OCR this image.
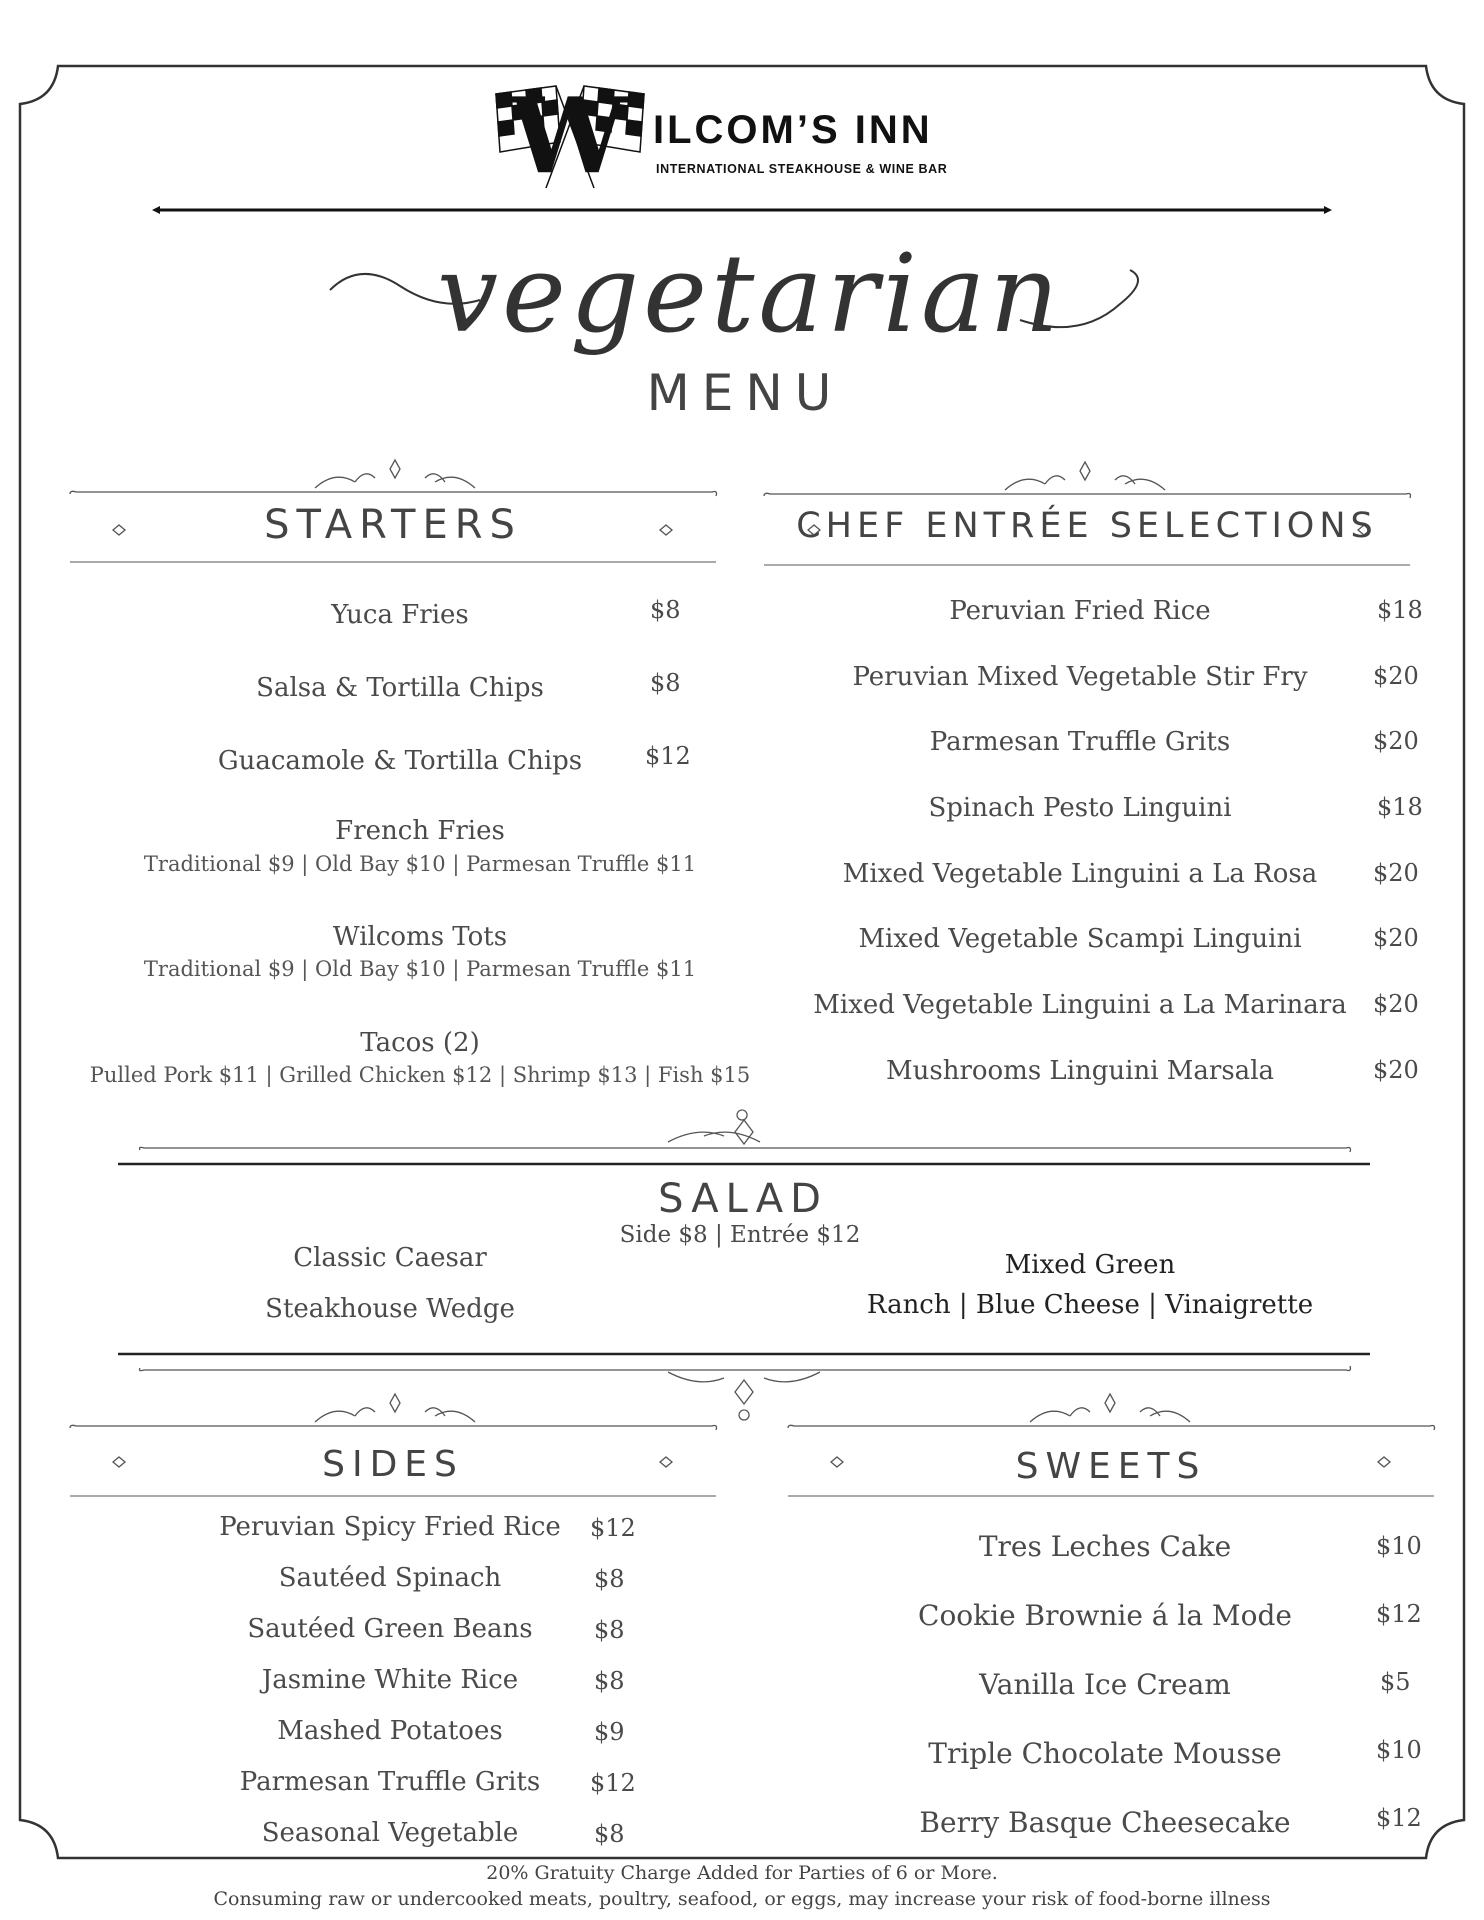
W ILCOM’S INN
INTERNATIONAL STEAKHOUSE & WINE BAR
vegetarian
MENU
STARTERS
Yuca Fries	$8
Salsa & Tortilla Chips	$8
Guacamole & Tortilla Chips	$12
French Fries
Traditional $9 | Old Bay $10 | Parmesan Truffle $11
Wilcoms Tots
Traditional $9 | Old Bay $10 | Parmesan Truffle $11
Tacos (2)
Pulled Pork $11 | Grilled Chicken $12 | Shrimp $13 | Fish $15
CHEF ENTRÉE SELECTIONS
Peruvian Fried Rice	$18
Peruvian Mixed Vegetable Stir Fry	$20
Parmesan Truffle Grits	$20
Spinach Pesto Linguini	$18
Mixed Vegetable Linguini a La Rosa	$20
Mixed Vegetable Scampi Linguini	$20
Mixed Vegetable Linguini a La Marinara	$20
Mushrooms Linguini Marsala	$20
SALAD
Side $8 | Entrée $12
Classic Caesar
Steakhouse Wedge
Mixed Green
Ranch | Blue Cheese | Vinaigrette
SIDES
Peruvian Spicy Fried Rice	$12
Sautéed Spinach	$8
Sautéed Green Beans	$8
Jasmine White Rice	$8
Mashed Potatoes	$9
Parmesan Truffle Grits	$12
Seasonal Vegetable	$8
SWEETS
Tres Leches Cake	$10
Cookie Brownie á la Mode	$12
Vanilla Ice Cream	$5
Triple Chocolate Mousse	$10
Berry Basque Cheesecake	$12
20% Gratuity Charge Added for Parties of 6 or More.
Consuming raw or undercooked meats, poultry, seafood, or eggs, may increase your risk of food-borne illness
